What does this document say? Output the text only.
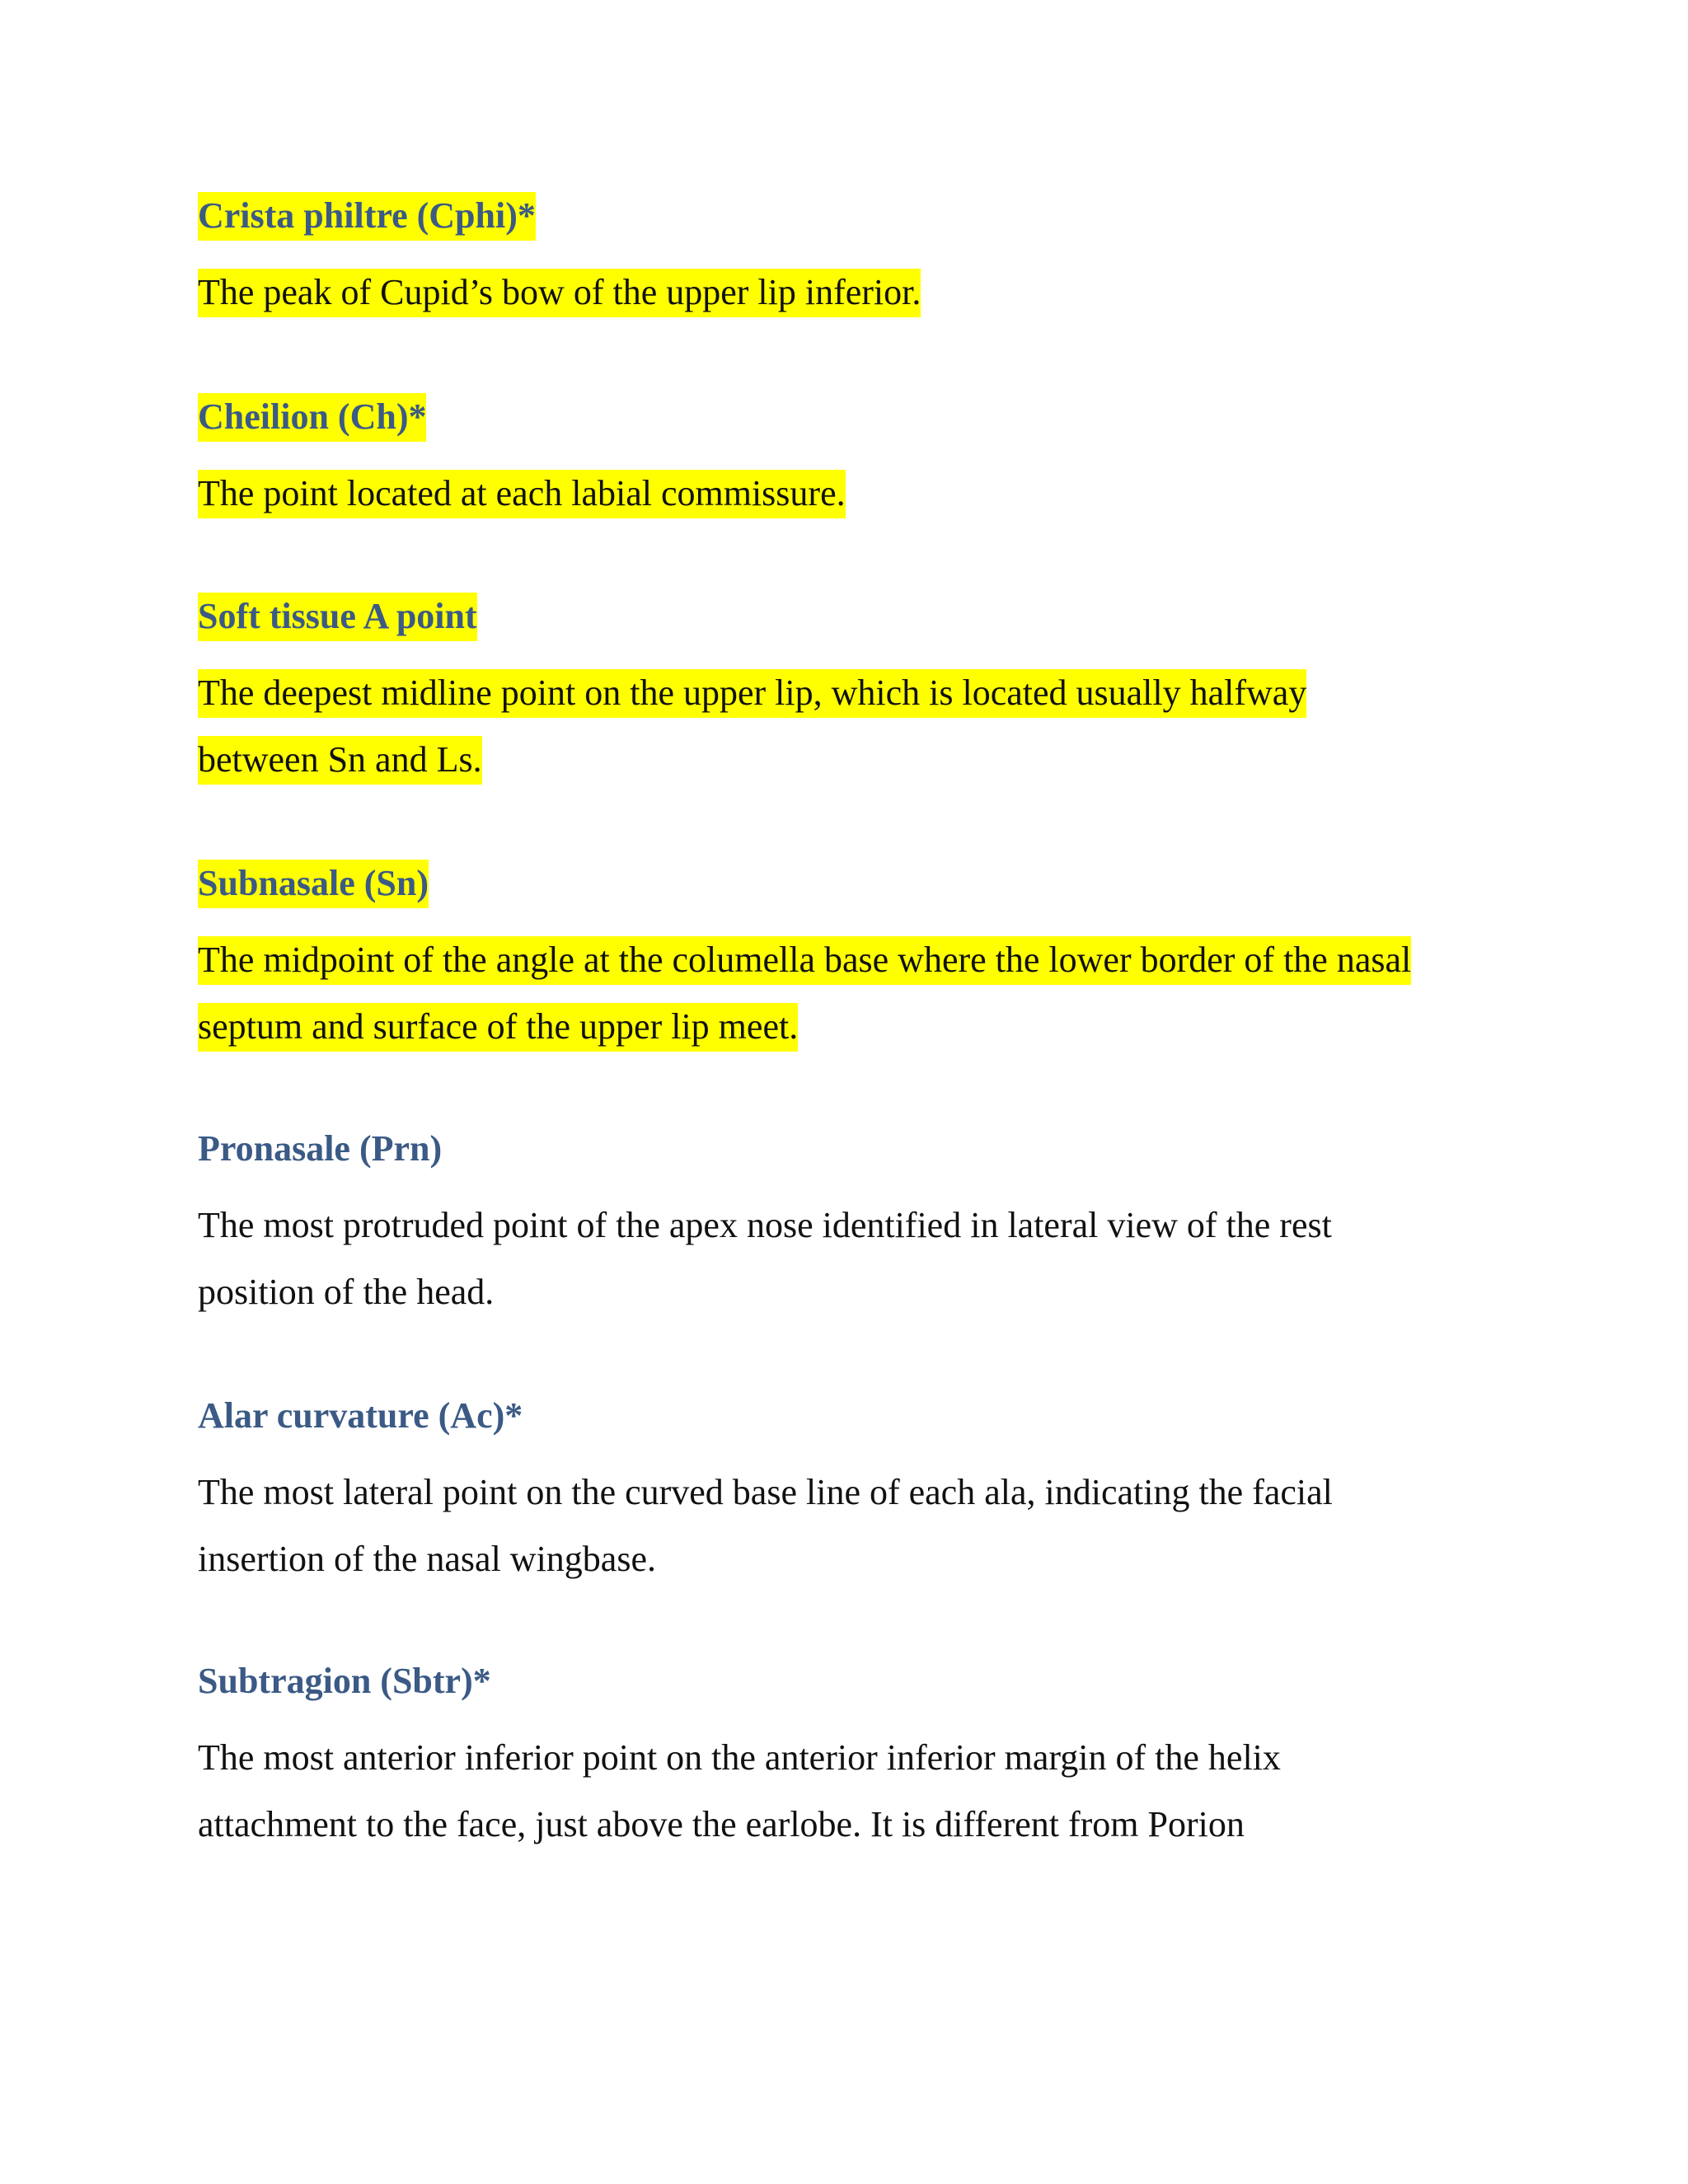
Crista philtre (Cphi)*

The peak of Cupid’s bow of the upper lip inferior.

Cheilion (Ch)*

The point located at each labial commissure.

Soft tissue A point

The deepest midline point on the upper lip, which is located usually halfway between Sn and Ls.

Subnasale (Sn)

The midpoint of the angle at the columella base where the lower border of the nasal septum and surface of the upper lip meet.

Pronasale (Prn)

The most protruded point of the apex nose identified in lateral view of the rest position of the head.

Alar curvature (Ac)*

The most lateral point on the curved base line of each ala, indicating the facial insertion of the nasal wingbase.

Subtragion (Sbtr)*

The most anterior inferior point on the anterior inferior margin of the helix attachment to the face, just above the earlobe. It is different from Porion
